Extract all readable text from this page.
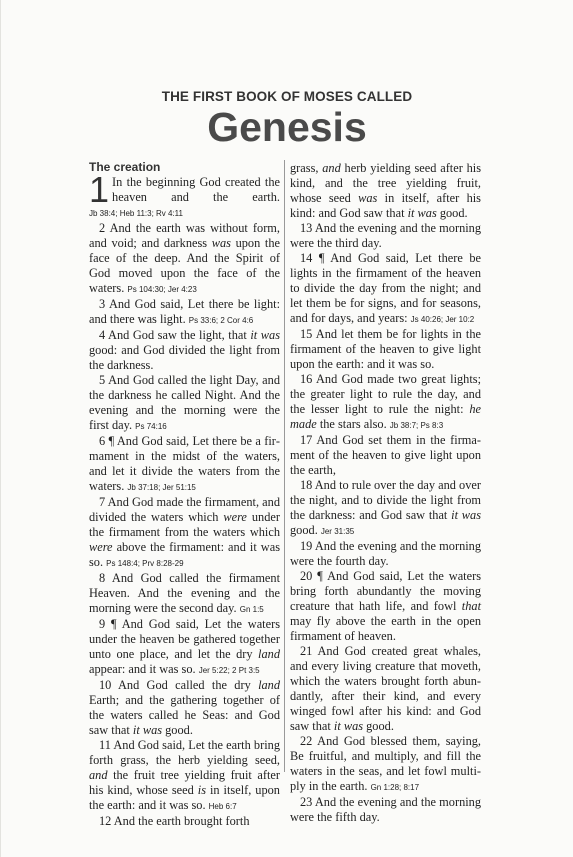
THE FIRST BOOK OF MOSES CALLED
Genesis
The creation

1 In the beginning God created the heaven and the earth. Jb 38:4; Heb 11:3; Rv 4:11

2 And the earth was without form, and void; and darkness was upon the face of the deep. And the Spirit of God moved upon the face of the waters. Ps 104:30; Jer 4:23

3 And God said, Let there be light: and there was light. Ps 33:6; 2 Cor 4:6

4 And God saw the light, that it was good: and God divided the light from the darkness.

5 And God called the light Day, and the darkness he called Night. And the evening and the morning were the first day. Ps 74:16

6 ¶ And God said, Let there be a firmament in the midst of the waters, and let it divide the waters from the waters. Jb 37:18; Jer 51:15

7 And God made the firmament, and divided the waters which were under the firmament from the waters which were above the firmament: and it was so. Ps 148:4; Prv 8:28-29

8 And God called the firmament Heaven. And the evening and the morning were the second day. Gn 1:5

9 ¶ And God said, Let the waters under the heaven be gathered together unto one place, and let the dry land appear: and it was so. Jer 5:22; 2 Pt 3:5

10 And God called the dry land Earth; and the gathering together of the waters called he Seas: and God saw that it was good.

11 And God said, Let the earth bring forth grass, the herb yielding seed, and the fruit tree yielding fruit after his kind, whose seed is in itself, upon the earth: and it was so. Heb 6:7

12 And the earth brought forth

grass, and herb yielding seed after his kind, and the tree yielding fruit, whose seed was in itself, after his kind: and God saw that it was good.

13 And the evening and the morning were the third day.

14 ¶ And God said, Let there be lights in the firmament of the heaven to divide the day from the night; and let them be for signs, and for seasons, and for days, and years: Js 40:26; Jer 10:2

15 And let them be for lights in the firmament of the heaven to give light upon the earth: and it was so.

16 And God made two great lights; the greater light to rule the day, and the lesser light to rule the night: he made the stars also. Jb 38:7; Ps 8:3

17 And God set them in the firmament of the heaven to give light upon the earth,

18 And to rule over the day and over the night, and to divide the light from the darkness: and God saw that it was good. Jer 31:35

19 And the evening and the morning were the fourth day.

20 ¶ And God said, Let the waters bring forth abundantly the moving creature that hath life, and fowl that may fly above the earth in the open firmament of heaven.

21 And God created great whales, and every living creature that moveth, which the waters brought forth abundantly, after their kind, and every winged fowl after his kind: and God saw that it was good.

22 And God blessed them, saying, Be fruitful, and multiply, and fill the waters in the seas, and let fowl multiply in the earth. Gn 1:28; 8:17

23 And the evening and the morning were the fifth day.
